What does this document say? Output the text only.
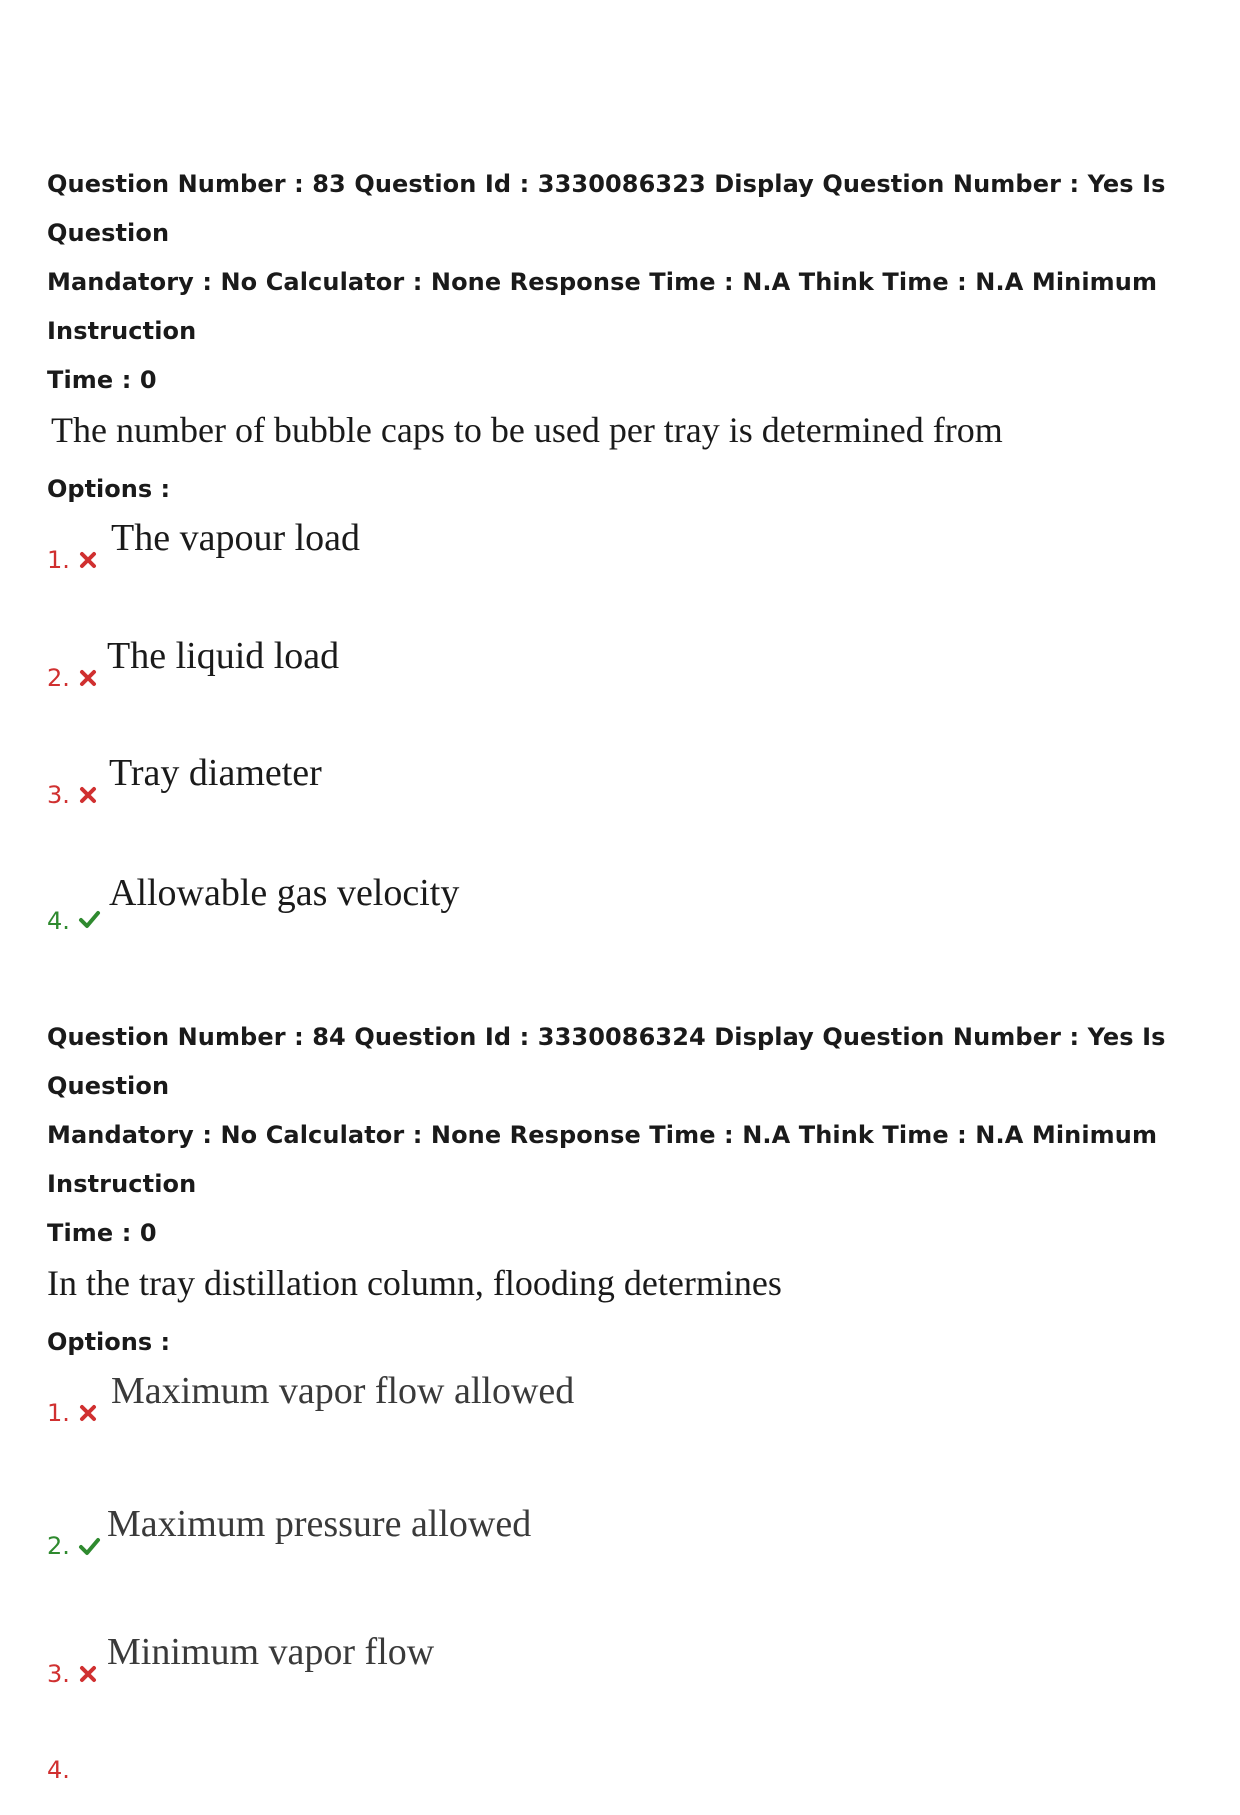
Question Number : 83 Question Id : 3330086323 Display Question Number : Yes Is Question

Mandatory : No Calculator : None Response Time : N.A Think Time : N.A Minimum Instruction

Time : 0

The number of bubble caps to be used per tray is determined from

Options :

1.
The vapour load
2.
The liquid load
3.
Tray diameter
4.
Allowable gas velocity

Question Number : 84 Question Id : 3330086324 Display Question Number : Yes Is Question

Mandatory : No Calculator : None Response Time : N.A Think Time : N.A Minimum Instruction

Time : 0

In the tray distillation column, flooding determines

Options :

1.
Maximum vapor flow allowed
2.
Maximum pressure allowed
3.
Minimum vapor flow
4.
